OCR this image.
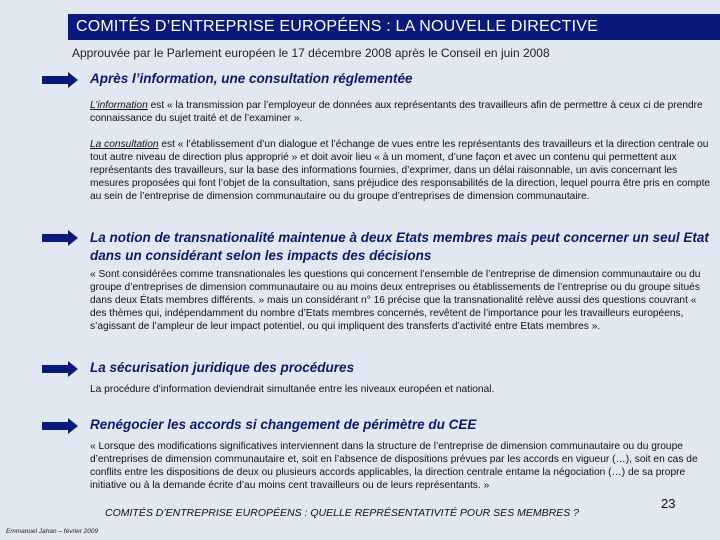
COMITÉS D’ENTREPRISE EUROPÉENS : LA NOUVELLE DIRECTIVE
Approuvée par le Parlement européen le 17 décembre 2008 après le Conseil en juin 2008
Après l’information, une consultation réglementée
L’information est « la transmission par l’employeur de données aux représentants des travailleurs afin de permettre à ceux ci de prendre connaissance du sujet traité et de l’examiner ».
La consultation est « l’établissement d’un dialogue et l’échange de vues entre les représentants des travailleurs et la direction centrale ou tout autre niveau de direction plus approprié » et doit avoir lieu « à un moment, d’une façon et avec un contenu qui permettent aux représentants des travailleurs, sur la base des informations fournies, d’exprimer, dans un délai raisonnable, un avis concernant les mesures proposées qui font l’objet de la consultation, sans préjudice des responsabilités de la direction, lequel pourra être pris en compte au sein de l’entreprise de dimension communautaire ou du groupe d’entreprises de dimension communautaire.
La notion de transnationalité maintenue à deux Etats membres mais peut concerner un seul Etat dans un considérant selon les impacts des décisions
« Sont considérées comme transnationales les questions qui concernent l’ensemble de l’entreprise de dimension communautaire ou du groupe d’entreprises de dimension communautaire ou au moins deux entreprises ou établissements de l’entreprise ou du groupe situés dans deux États membres différents. » mais un considérant n° 16 précise que la transnationalité relève aussi des questions couvrant « des thèmes qui, indépendamment du nombre d’Etats membres concernés, revêtent de l’importance pour les travailleurs européens, s’agissant de l’ampleur de leur impact potentiel, ou qui impliquent des transferts d’activité entre Etats membres ».
La sécurisation juridique des procédures
La procédure d’information deviendrait simultanée entre les niveaux européen et national.
Renégocier les accords si changement de périmètre du CEE
« Lorsque des modifications significatives interviennent dans la structure de l’entreprise de dimension communautaire ou du groupe d’entreprises de dimension communautaire et, soit en l’absence de dispositions prévues par les accords en vigueur (…), soit en cas de conflits entre les dispositions de deux ou plusieurs accords applicables, la direction centrale entame la négociation (…) de sa propre initiative ou à la demande écrite d’au moins cent travailleurs ou de leurs représentants. »
COMITÉS D’ENTREPRISE EUROPÉENS : QUELLE REPRÉSENTATIVITÉ POUR SES MEMBRES ?
23
Emmanuel Jahan – février 2009
